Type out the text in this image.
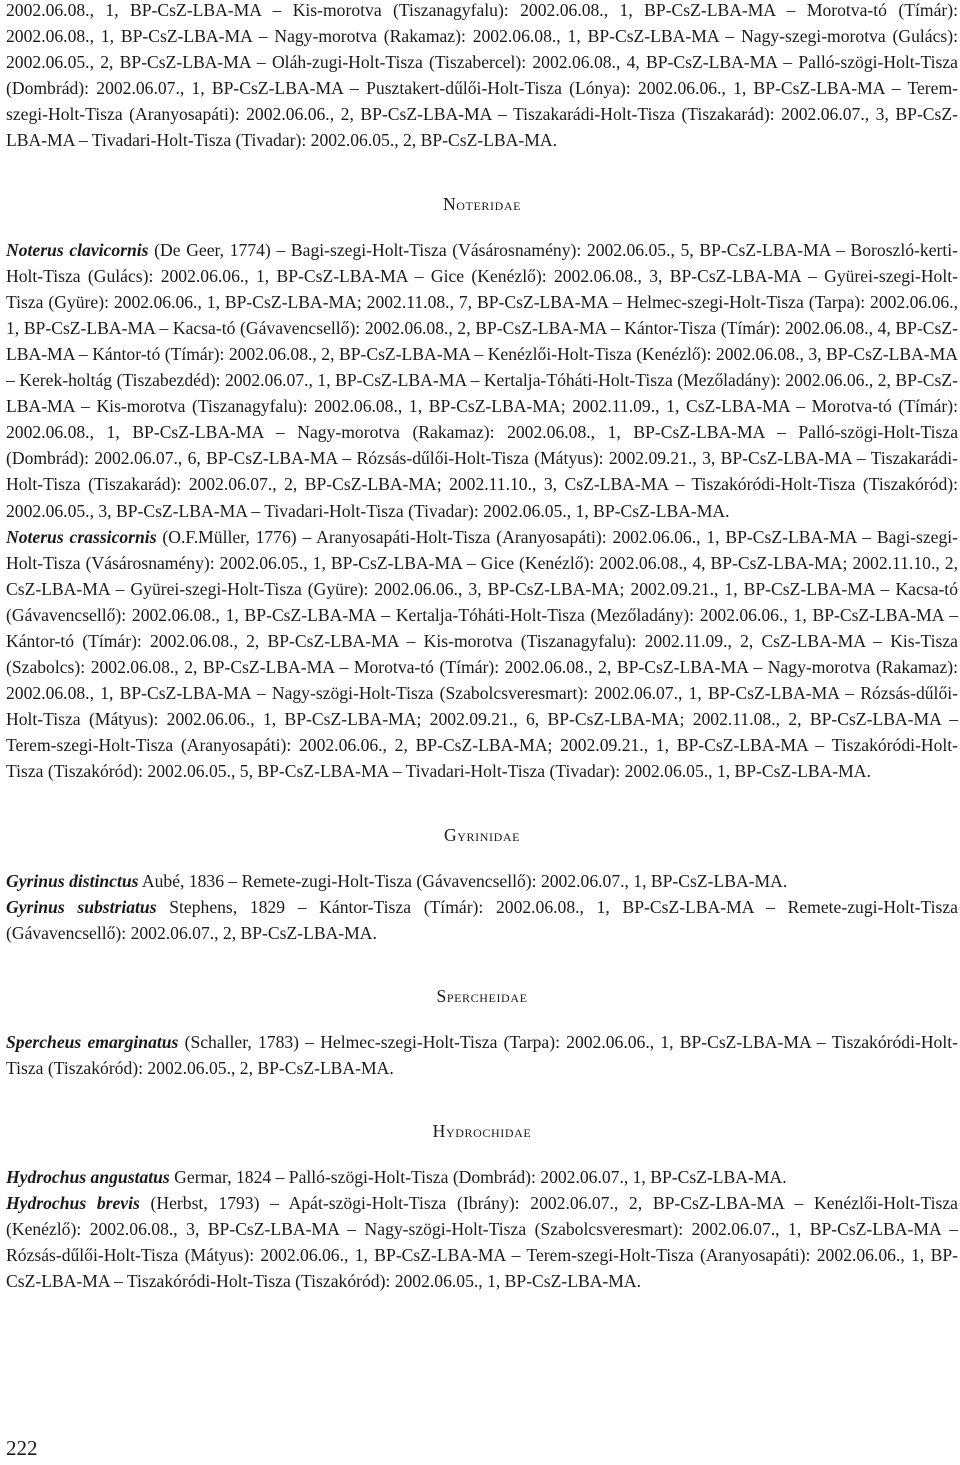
2002.06.08., 1, BP-CsZ-LBA-MA – Kis-morotva (Tiszanagyfalu): 2002.06.08., 1, BP-CsZ-LBA-MA – Morotva-tó (Tímár): 2002.06.08., 1, BP-CsZ-LBA-MA – Nagy-morotva (Rakamaz): 2002.06.08., 1, BP-CsZ-LBA-MA – Nagy-szegi-morotva (Gulács): 2002.06.05., 2, BP-CsZ-LBA-MA – Oláh-zugi-Holt-Tisza (Tiszabercel): 2002.06.08., 4, BP-CsZ-LBA-MA – Palló-szögi-Holt-Tisza (Dombrád): 2002.06.07., 1, BP-CsZ-LBA-MA – Pusztakert-dűlői-Holt-Tisza (Lónya): 2002.06.06., 1, BP-CsZ-LBA-MA – Terem-szegi-Holt-Tisza (Aranyosapáti): 2002.06.06., 2, BP-CsZ-LBA-MA – Tiszakarádi-Holt-Tisza (Tiszakarád): 2002.06.07., 3, BP-CsZ-LBA-MA – Tivadari-Holt-Tisza (Tivadar): 2002.06.05., 2, BP-CsZ-LBA-MA.

Noteridae

Noterus clavicornis (De Geer, 1774) – Bagi-szegi-Holt-Tisza (Vásárosnamény): 2002.06.05., 5, BP-CsZ-LBA-MA – Boroszló-kerti-Holt-Tisza (Gulács): 2002.06.06., 1, BP-CsZ-LBA-MA – Gice (Kenézlő): 2002.06.08., 3, BP-CsZ-LBA-MA – Gyürei-szegi-Holt-Tisza (Gyüre): 2002.06.06., 1, BP-CsZ-LBA-MA; 2002.11.08., 7, BP-CsZ-LBA-MA – Helmec-szegi-Holt-Tisza (Tarpa): 2002.06.06., 1, BP-CsZ-LBA-MA – Kacsa-tó (Gávavencsellő): 2002.06.08., 2, BP-CsZ-LBA-MA – Kántor-Tisza (Tímár): 2002.06.08., 4, BP-CsZ-LBA-MA – Kántor-tó (Tímár): 2002.06.08., 2, BP-CsZ-LBA-MA – Kenézlői-Holt-Tisza (Kenézlő): 2002.06.08., 3, BP-CsZ-LBA-MA – Kerek-holtág (Tiszabezdéd): 2002.06.07., 1, BP-CsZ-LBA-MA – Kertalja-Tóháti-Holt-Tisza (Mezőladány): 2002.06.06., 2, BP-CsZ-LBA-MA – Kis-morotva (Tiszanagyfalu): 2002.06.08., 1, BP-CsZ-LBA-MA; 2002.11.09., 1, CsZ-LBA-MA – Morotva-tó (Tímár): 2002.06.08., 1, BP-CsZ-LBA-MA – Nagy-morotva (Rakamaz): 2002.06.08., 1, BP-CsZ-LBA-MA – Palló-szögi-Holt-Tisza (Dombrád): 2002.06.07., 6, BP-CsZ-LBA-MA – Rózsás-dűlői-Holt-Tisza (Mátyus): 2002.09.21., 3, BP-CsZ-LBA-MA – Tiszakarádi-Holt-Tisza (Tiszakarád): 2002.06.07., 2, BP-CsZ-LBA-MA; 2002.11.10., 3, CsZ-LBA-MA – Tiszakóródi-Holt-Tisza (Tiszakóród): 2002.06.05., 3, BP-CsZ-LBA-MA – Tivadari-Holt-Tisza (Tivadar): 2002.06.05., 1, BP-CsZ-LBA-MA.

Noterus crassicornis (O.F.Müller, 1776) – Aranyosapáti-Holt-Tisza (Aranyosapáti): 2002.06.06., 1, BP-CsZ-LBA-MA – Bagi-szegi-Holt-Tisza (Vásárosnamény): 2002.06.05., 1, BP-CsZ-LBA-MA – Gice (Kenézlő): 2002.06.08., 4, BP-CsZ-LBA-MA; 2002.11.10., 2, CsZ-LBA-MA – Gyürei-szegi-Holt-Tisza (Gyüre): 2002.06.06., 3, BP-CsZ-LBA-MA; 2002.09.21., 1, BP-CsZ-LBA-MA – Kacsa-tó (Gávavencsellő): 2002.06.08., 1, BP-CsZ-LBA-MA – Kertalja-Tóháti-Holt-Tisza (Mezőladány): 2002.06.06., 1, BP-CsZ-LBA-MA – Kántor-tó (Tímár): 2002.06.08., 2, BP-CsZ-LBA-MA – Kis-morotva (Tiszanagyfalu): 2002.11.09., 2, CsZ-LBA-MA – Kis-Tisza (Szabolcs): 2002.06.08., 2, BP-CsZ-LBA-MA – Morotva-tó (Tímár): 2002.06.08., 2, BP-CsZ-LBA-MA – Nagy-morotva (Rakamaz): 2002.06.08., 1, BP-CsZ-LBA-MA – Nagy-szögi-Holt-Tisza (Szabolcsveresmart): 2002.06.07., 1, BP-CsZ-LBA-MA – Rózsás-dűlői-Holt-Tisza (Mátyus): 2002.06.06., 1, BP-CsZ-LBA-MA; 2002.09.21., 6, BP-CsZ-LBA-MA; 2002.11.08., 2, BP-CsZ-LBA-MA – Terem-szegi-Holt-Tisza (Aranyosapáti): 2002.06.06., 2, BP-CsZ-LBA-MA; 2002.09.21., 1, BP-CsZ-LBA-MA – Tiszakóródi-Holt-Tisza (Tiszakóród): 2002.06.05., 5, BP-CsZ-LBA-MA – Tivadari-Holt-Tisza (Tivadar): 2002.06.05., 1, BP-CsZ-LBA-MA.

Gyrinidae

Gyrinus distinctus Aubé, 1836 – Remete-zugi-Holt-Tisza (Gávavencsellő): 2002.06.07., 1, BP-CsZ-LBA-MA.

Gyrinus substriatus Stephens, 1829 – Kántor-Tisza (Tímár): 2002.06.08., 1, BP-CsZ-LBA-MA – Remete-zugi-Holt-Tisza (Gávavencsellő): 2002.06.07., 2, BP-CsZ-LBA-MA.

Spercheidae

Spercheus emarginatus (Schaller, 1783) – Helmec-szegi-Holt-Tisza (Tarpa): 2002.06.06., 1, BP-CsZ-LBA-MA – Tiszakóródi-Holt-Tisza (Tiszakóród): 2002.06.05., 2, BP-CsZ-LBA-MA.

Hydrochidae

Hydrochus angustatus Germar, 1824 – Palló-szögi-Holt-Tisza (Dombrád): 2002.06.07., 1, BP-CsZ-LBA-MA.

Hydrochus brevis (Herbst, 1793) – Apát-szögi-Holt-Tisza (Ibrány): 2002.06.07., 2, BP-CsZ-LBA-MA – Kenézlői-Holt-Tisza (Kenézlő): 2002.06.08., 3, BP-CsZ-LBA-MA – Nagy-szögi-Holt-Tisza (Szabolcsveresmart): 2002.06.07., 1, BP-CsZ-LBA-MA – Rózsás-dűlői-Holt-Tisza (Mátyus): 2002.06.06., 1, BP-CsZ-LBA-MA – Terem-szegi-Holt-Tisza (Aranyosapáti): 2002.06.06., 1, BP-CsZ-LBA-MA – Tiszakóródi-Holt-Tisza (Tiszakóród): 2002.06.05., 1, BP-CsZ-LBA-MA.

222
